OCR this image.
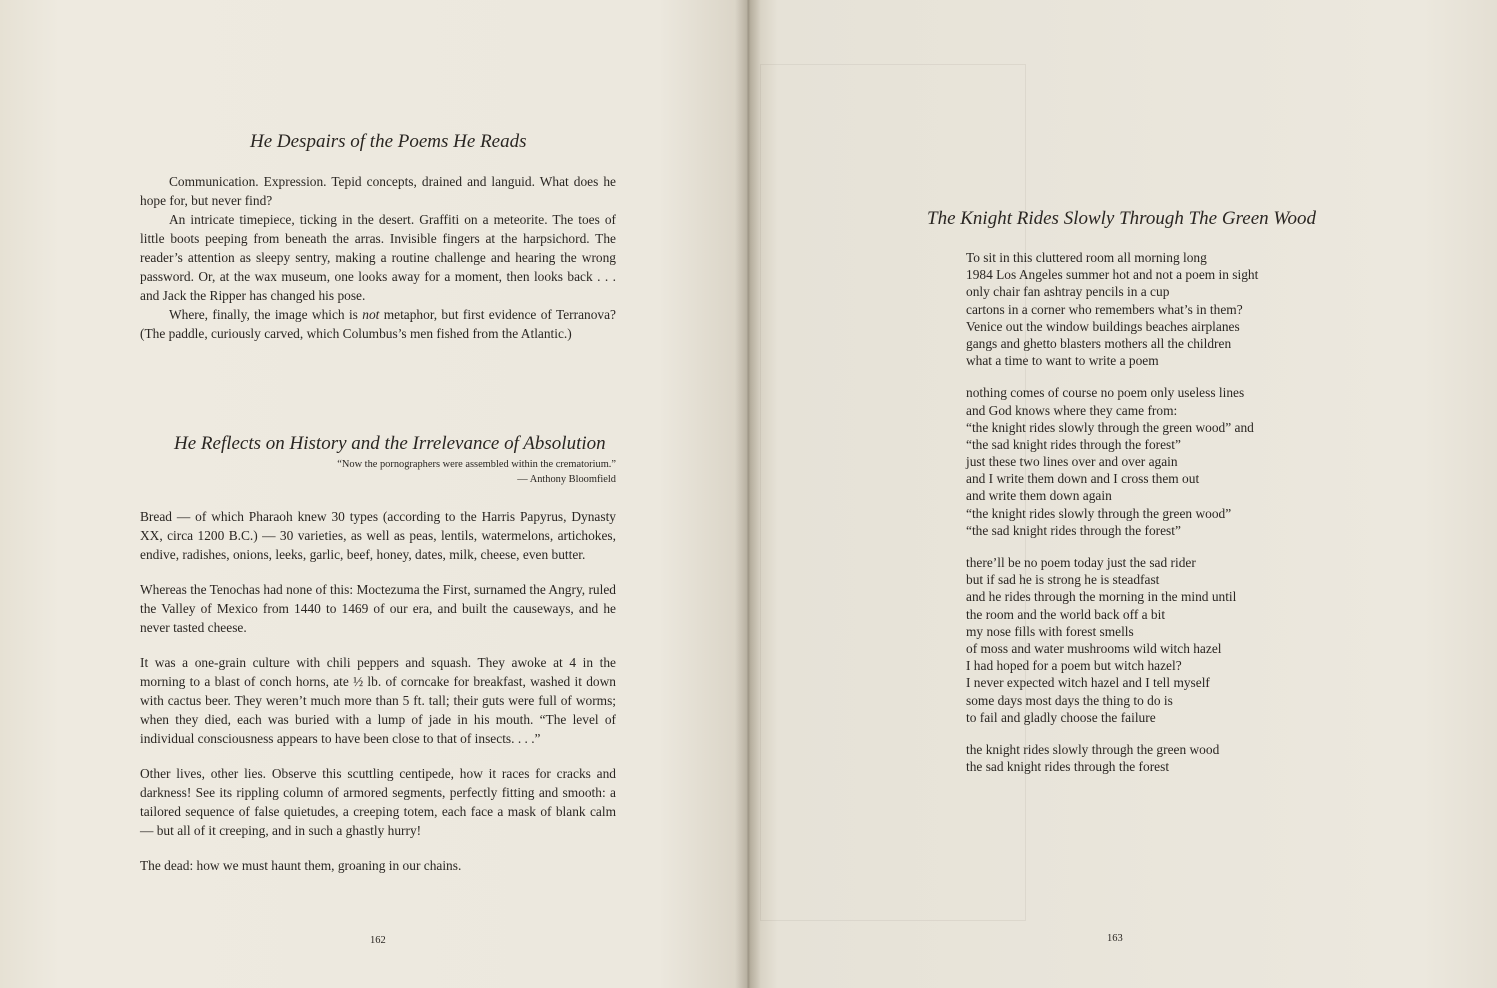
He Despairs of the Poems He Reads

Communication. Expression. Tepid concepts, drained and languid. What does he hope for, but never find?

An intricate timepiece, ticking in the desert. Graffiti on a meteorite. The toes of little boots peeping from beneath the arras. Invisible fingers at the harpsichord. The reader’s attention as sleepy sentry, making a routine challenge and hearing the wrong password. Or, at the wax museum, one looks away for a moment, then looks back . . . and Jack the Ripper has changed his pose.

Where, finally, the image which is not metaphor, but first evidence of Terranova? (The paddle, curiously carved, which Columbus’s men fished from the Atlantic.)

He Reflects on History and the Irrelevance of Absolution
“Now the pornographers were assembled within the crematorium.”
— Anthony Bloomfield

Bread — of which Pharaoh knew 30 types (according to the Harris Papyrus, Dynasty XX, circa 1200 B.C.) — 30 varieties, as well as peas, lentils, watermelons, artichokes, endive, radishes, onions, leeks, garlic, beef, honey, dates, milk, cheese, even butter.

Whereas the Tenochas had none of this: Moctezuma the First, surnamed the Angry, ruled the Valley of Mexico from 1440 to 1469 of our era, and built the causeways, and he never tasted cheese.

It was a one-grain culture with chili peppers and squash. They awoke at 4 in the morning to a blast of conch horns, ate ½ lb. of corncake for breakfast, washed it down with cactus beer. They weren’t much more than 5 ft. tall; their guts were full of worms; when they died, each was buried with a lump of jade in his mouth. “The level of individual consciousness appears to have been close to that of insects. . . .”

Other lives, other lies. Observe this scuttling centipede, how it races for cracks and darkness! See its rippling column of armored segments, perfectly fitting and smooth: a tailored sequence of false quietudes, a creeping totem, each face a mask of blank calm — but all of it creeping, and in such a ghastly hurry!

The dead: how we must haunt them, groaning in our chains.

162
The Knight Rides Slowly Through The Green Wood
To sit in this cluttered room all morning long
1984 Los Angeles summer hot and not a poem in sight
only chair fan ashtray pencils in a cup
cartons in a corner who remembers what’s in them?
Venice out the window buildings beaches airplanes
gangs and ghetto blasters mothers all the children
what a time to want to write a poem
nothing comes of course no poem only useless lines
and God knows where they came from:
“the knight rides slowly through the green wood” and
“the sad knight rides through the forest”
just these two lines over and over again
and I write them down and I cross them out
and write them down again
“the knight rides slowly through the green wood”
“the sad knight rides through the forest”
there’ll be no poem today just the sad rider
but if sad he is strong he is steadfast
and he rides through the morning in the mind until
the room and the world back off a bit
my nose fills with forest smells
of moss and water mushrooms wild witch hazel
I had hoped for a poem but witch hazel?
I never expected witch hazel and I tell myself
some days most days the thing to do is
to fail and gladly choose the failure
the knight rides slowly through the green wood
the sad knight rides through the forest
163
